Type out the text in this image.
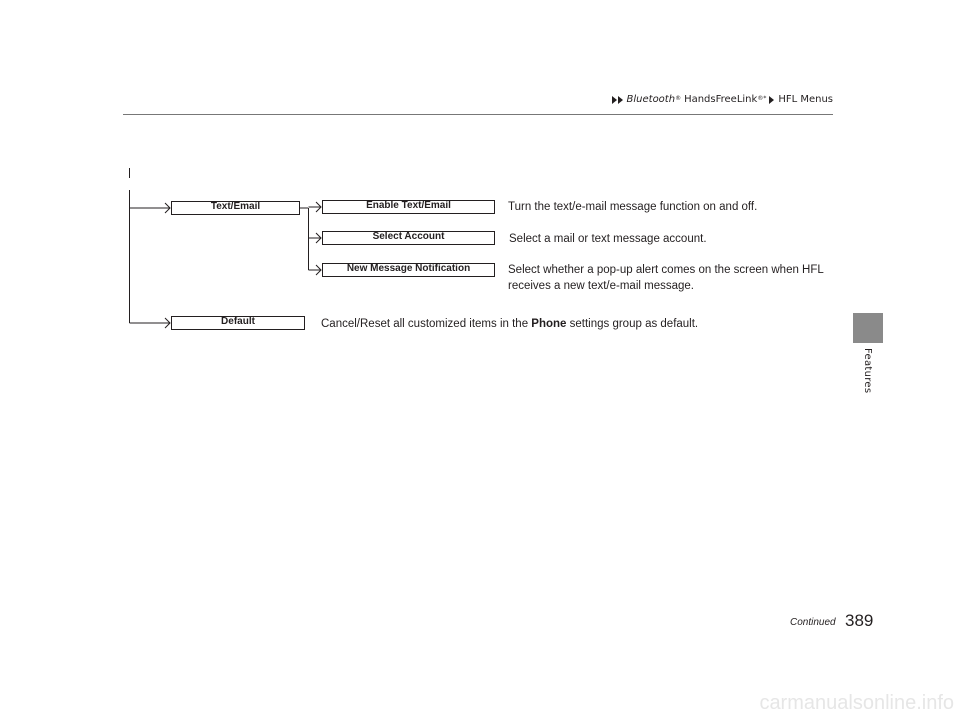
Bluetooth® HandsFreeLink®* HFL Menus
Features
Text/Email
Default
Enable Text/Email
Select Account
New Message Notification
Turn the text/e-mail message function on and off.
Select a mail or text message account.
Select whether a pop-up alert comes on the screen when HFL
receives a new text/e-mail message.
Cancel/Reset all customized items in the Phone settings group as default.
Continued 389
carmanualsonline.info
